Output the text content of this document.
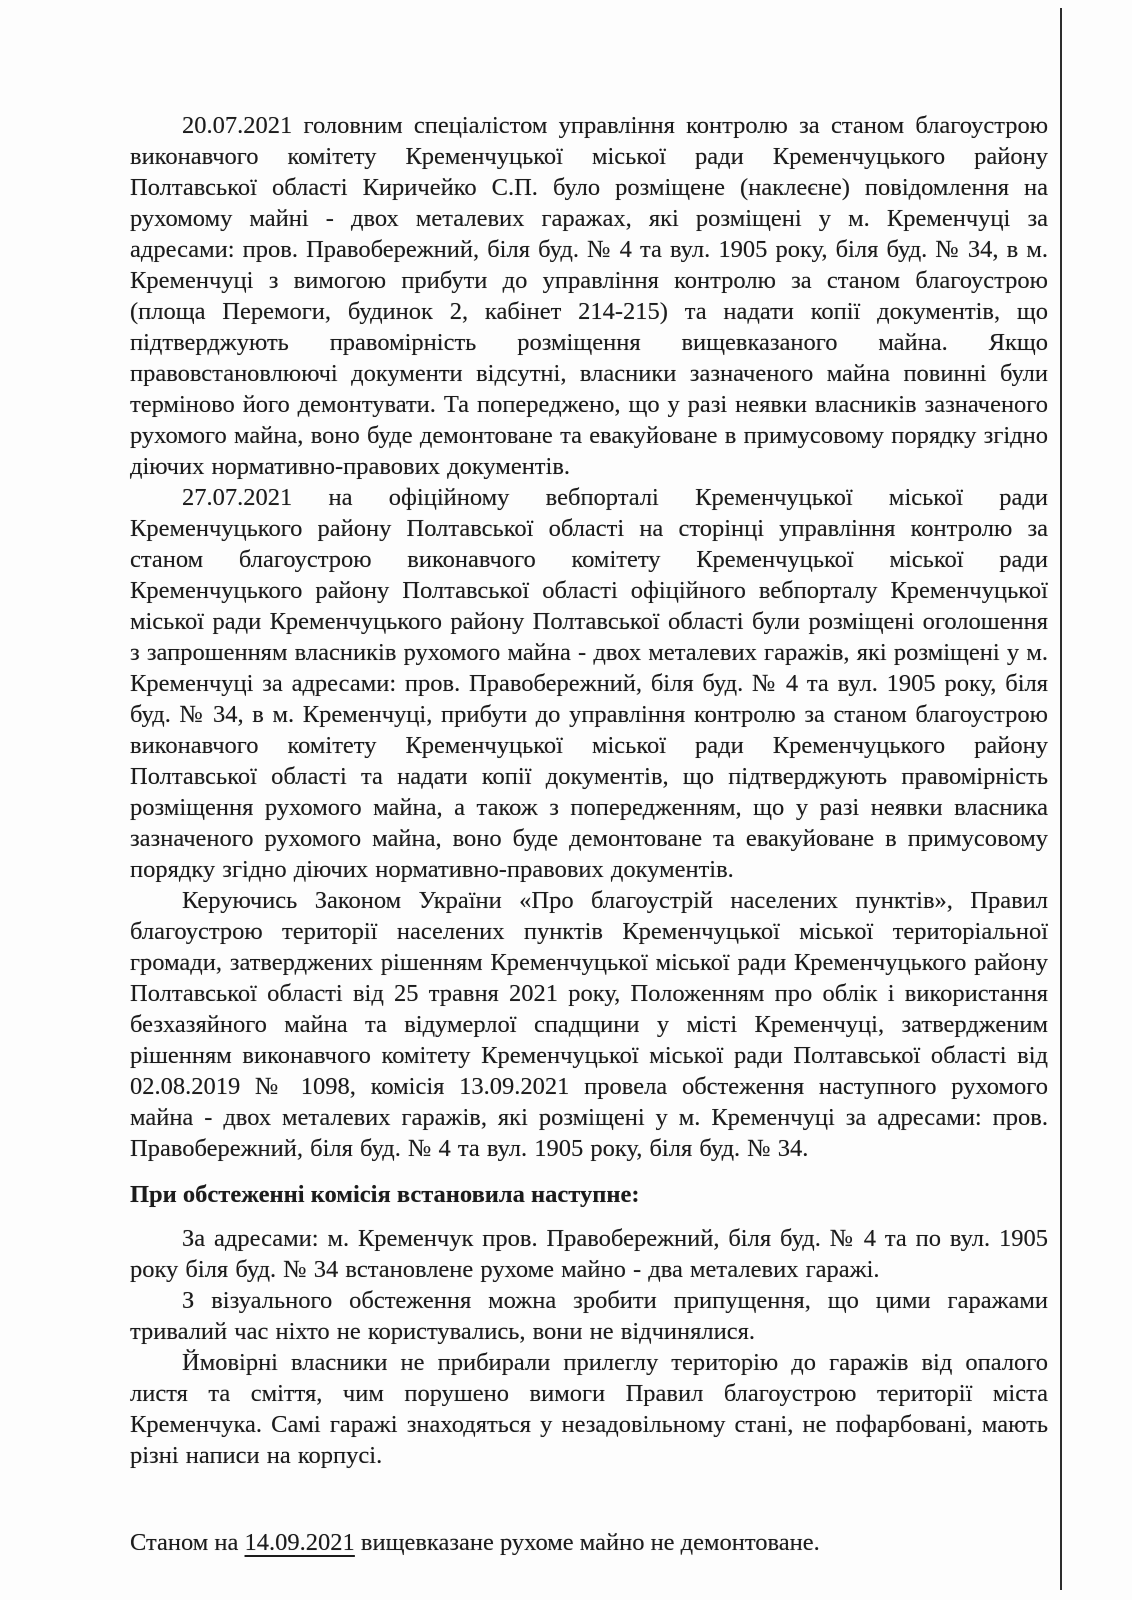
20.07.2021 головним спеціалістом управління контролю за станом благоустрою виконавчого комітету Кременчуцької міської ради Кременчуцького району Полтавської області Киричейко С.П. було розміщене (наклеєне) повідомлення на рухомому майні - двох металевих гаражах, які розміщені у м. Кременчуці за адресами: пров. Правобережний, біля буд. № 4 та вул. 1905 року, біля буд. № 34, в м. Кременчуці з вимогою прибути до управління контролю за станом благоустрою (площа Перемоги, будинок 2, кабінет 214-215) та надати копії документів, що підтверджують правомірність розміщення вищевказаного майна. Якщо правовстановлюючі документи відсутні, власники зазначеного майна повинні були терміново його демонтувати. Та попереджено, що у разі неявки власників зазначеного рухомого майна, воно буде демонтоване та евакуйоване в примусовому порядку згідно діючих нормативно-правових документів.

27.07.2021 на офіційному вебпорталі Кременчуцької міської ради Кременчуцького району Полтавської області на сторінці управління контролю за станом благоустрою виконавчого комітету Кременчуцької міської ради Кременчуцького району Полтавської області офіційного вебпорталу Кременчуцької міської ради Кременчуцького району Полтавської області були розміщені оголошення з запрошенням власників рухомого майна - двох металевих гаражів, які розміщені у м. Кременчуці за адресами: пров. Правобережний, біля буд. № 4 та вул. 1905 року, біля буд. № 34, в м. Кременчуці, прибути до управління контролю за станом благоустрою виконавчого комітету Кременчуцької міської ради Кременчуцького району Полтавської області та надати копії документів, що підтверджують правомірність розміщення рухомого майна, а також з попередженням, що у разі неявки власника зазначеного рухомого майна, воно буде демонтоване та евакуйоване в примусовому порядку згідно діючих нормативно-правових документів.

Керуючись Законом України «Про благоустрій населених пунктів», Правил благоустрою території населених пунктів Кременчуцької міської територіальної громади, затверджених рішенням Кременчуцької міської ради Кременчуцького району Полтавської області від 25 травня 2021 року, Положенням про облік і використання безхазяйного майна та відумерлої спадщини у місті Кременчуці, затвердженим рішенням виконавчого комітету Кременчуцької міської ради Полтавської області від 02.08.2019 № 1098, комісія 13.09.2021 провела обстеження наступного рухомого майна - двох металевих гаражів, які розміщені у м. Кременчуці за адресами: пров. Правобережний, біля буд. № 4 та вул. 1905 року, біля буд. № 34.

При обстеженні комісія встановила наступне:

За адресами: м. Кременчук пров. Правобережний, біля буд. № 4 та по вул. 1905 року біля буд. № 34 встановлене рухоме майно - два металевих гаражі.

З візуального обстеження можна зробити припущення, що цими гаражами тривалий час ніхто не користувались, вони не відчинялися.

Ймовірні власники не прибирали прилеглу територію до гаражів від опалого листя та сміття, чим порушено вимоги Правил благоустрою території міста Кременчука. Самі гаражі знаходяться у незадовільному стані, не пофарбовані, мають різні написи на корпусі.

Станом на 14.09.2021 вищевказане рухоме майно не демонтоване.
